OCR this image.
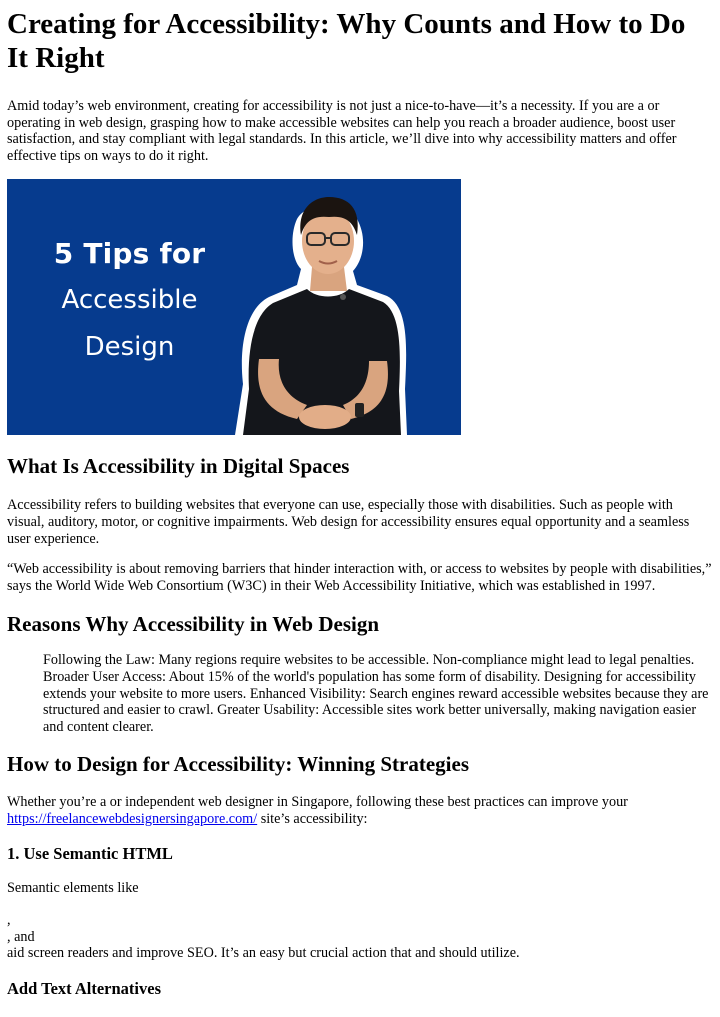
Creating for Accessibility: Why Counts and How to Do It Right

Amid today’s web environment, creating for accessibility is not just a nice-to-have—it’s a necessity. If you are a or operating in web design, grasping how to make accessible websites can help you reach a broader audience, boost user satisfaction, and stay compliant with legal standards. In this article, we’ll dive into why accessibility matters and offer effective tips on ways to do it right.

5 Tips for
Accessible
Design
What Is Accessibility in Digital Spaces

Accessibility refers to building websites that everyone can use, especially those with disabilities. Such as people with visual, auditory, motor, or cognitive impairments. Web design for accessibility ensures equal opportunity and a seamless user experience.

“Web accessibility is about removing barriers that hinder interaction with, or access to websites by people with disabilities,” says the World Wide Web Consortium (W3C) in their Web Accessibility Initiative, which was established in 1997.

Reasons Why Accessibility in Web Design

Following the Law: Many regions require websites to be accessible. Non-compliance might lead to legal penalties. Broader User Access: About 15% of the world's population has some form of disability. Designing for accessibility extends your website to more users. Enhanced Visibility: Search engines reward accessible websites because they are structured and easier to crawl. Greater Usability: Accessible sites work better universally, making navigation easier and content clearer.

How to Design for Accessibility: Winning Strategies

Whether you’re a or independent web designer in Singapore, following these best practices can improve your
https://freelancewebdesignersingapore.com/ site’s accessibility:

1. Use Semantic HTML

Semantic elements like

,
, and
aid screen readers and improve SEO. It’s an easy but crucial action that and should utilize.

Add Text Alternatives
